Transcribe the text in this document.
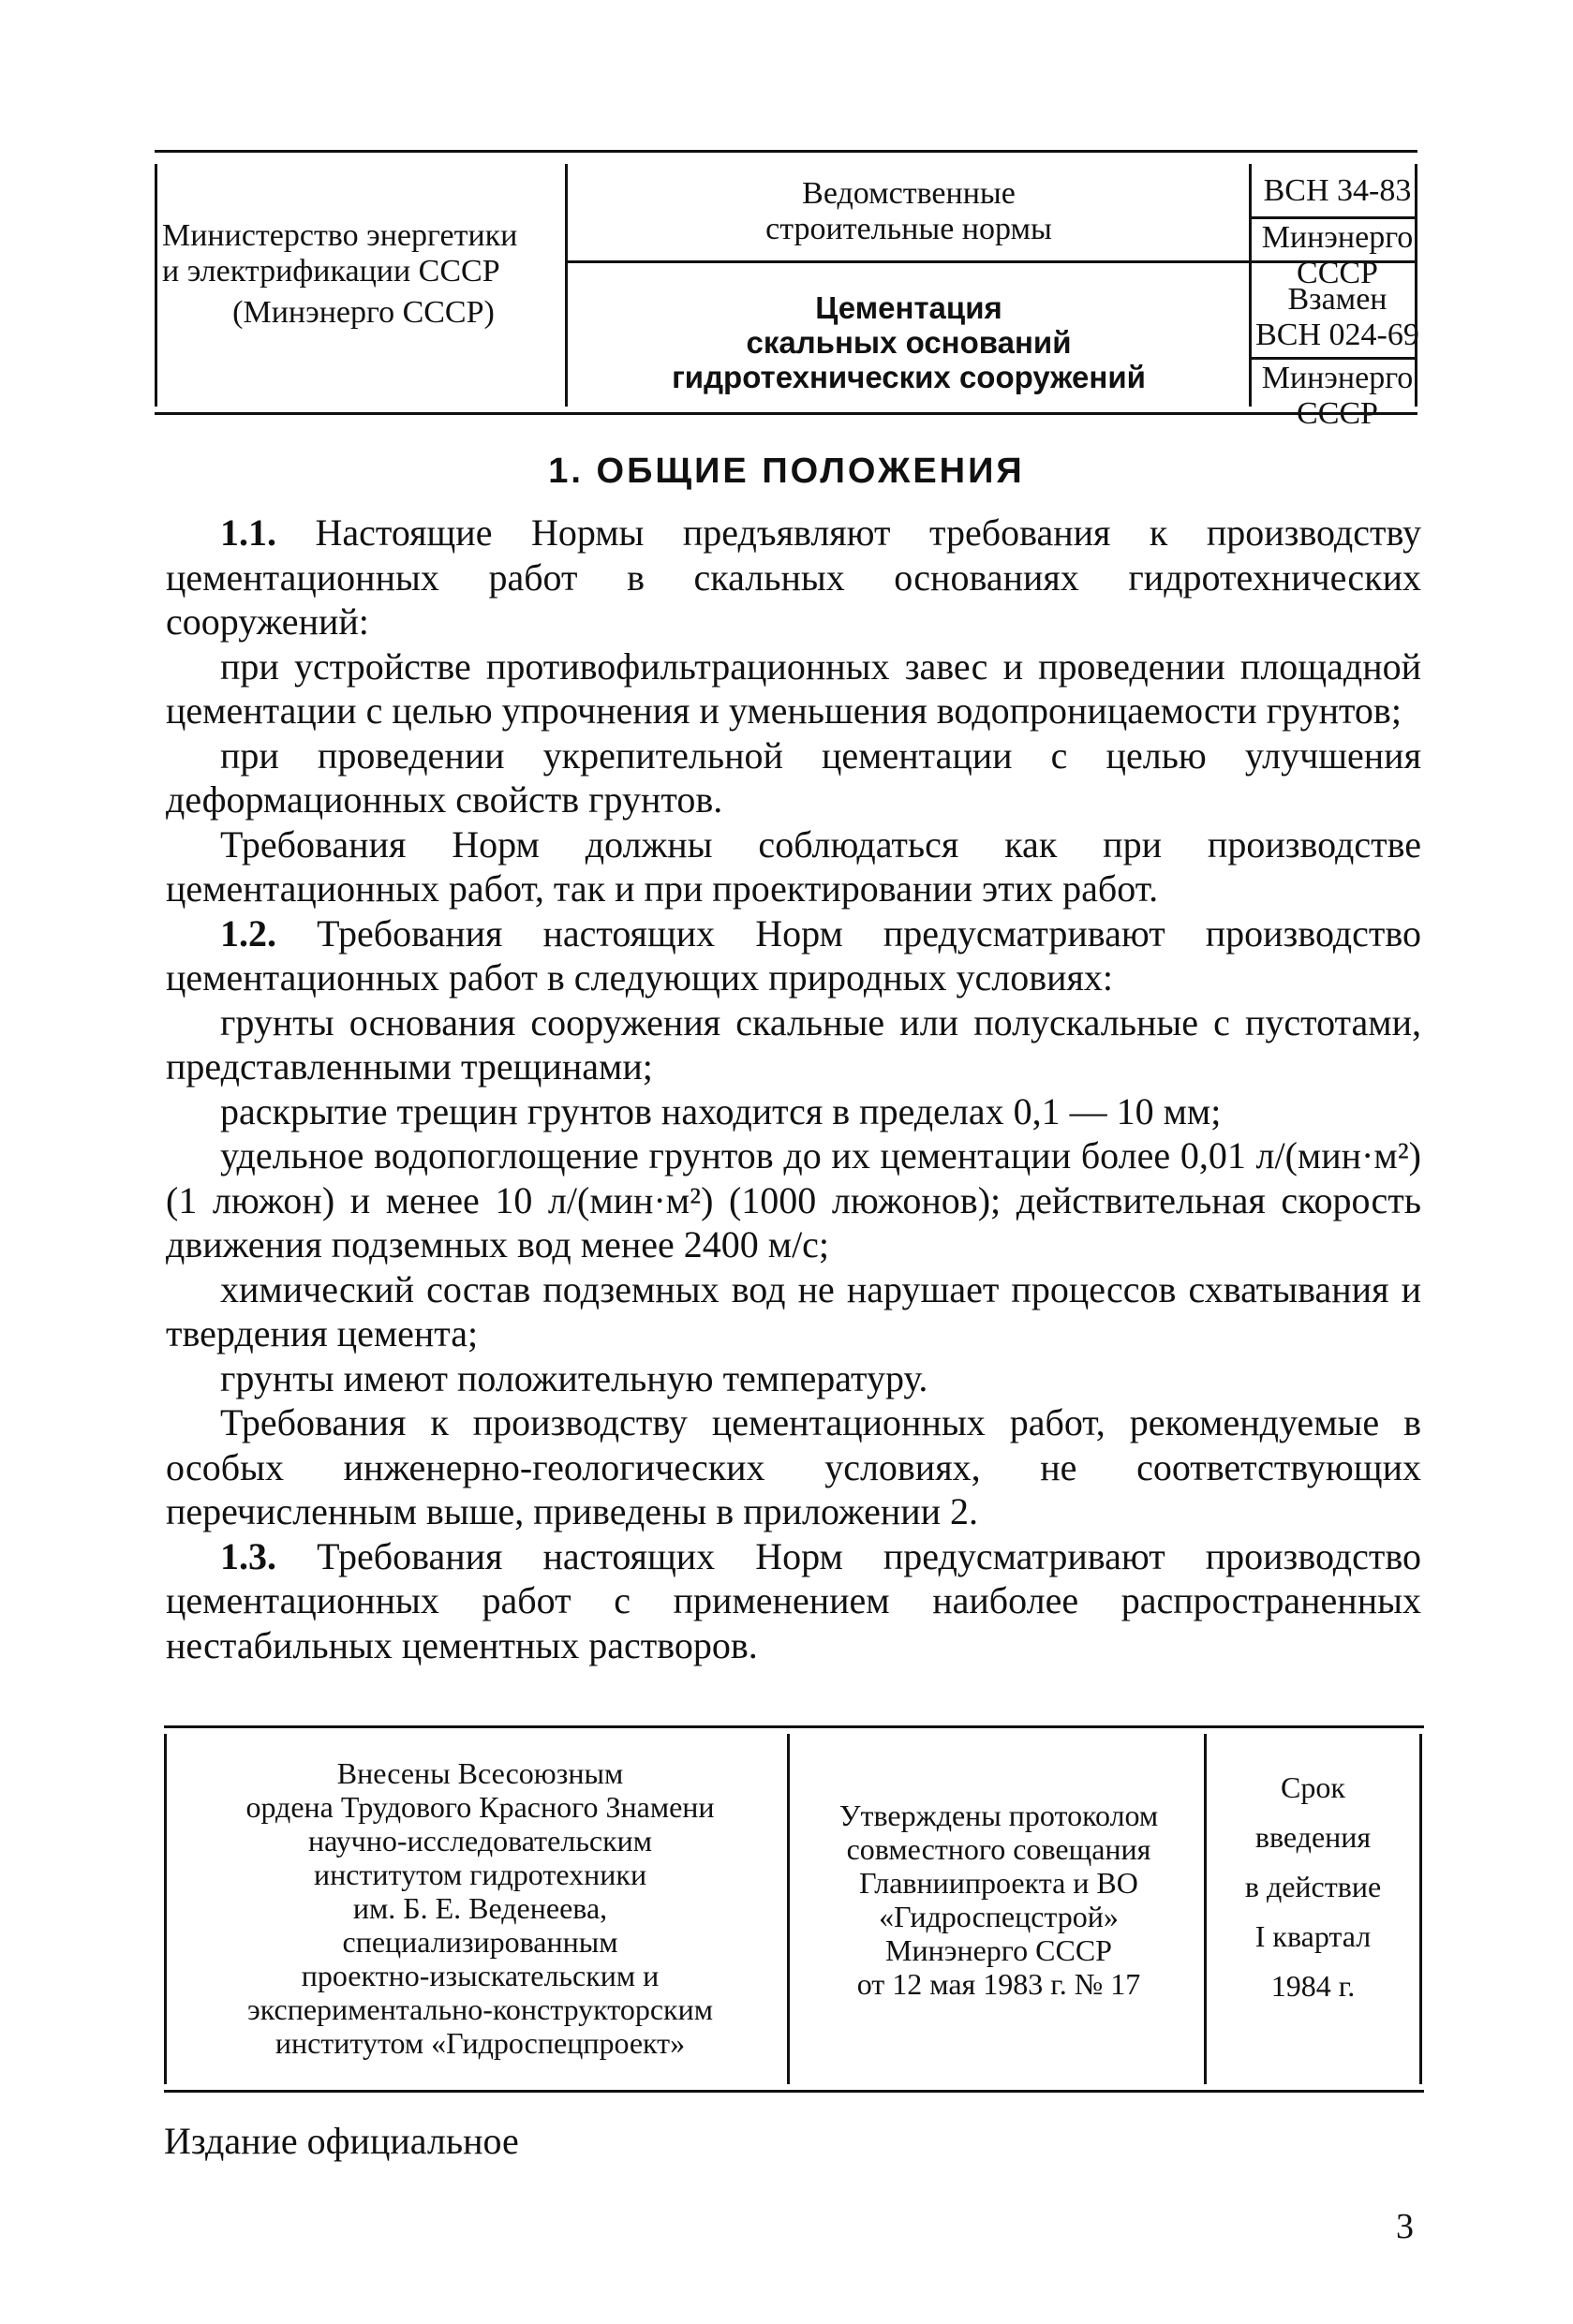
Министерство энергетики
и электрификации СССР
(Минэнерго СССР)
Ведомственные
строительные нормы
Цементация
скальных оснований
гидротехнических сооружений
ВСН 34-83
Минэнерго СССР
Взамен
ВСН 024-69
Минэнерго СССР
1. ОБЩИЕ ПОЛОЖЕНИЯ

1.1. Настоящие Нормы предъявляют требования к производству цементационных работ в скальных основаниях гидротехнических сооружений:

при устройстве противофильтрационных завес и проведении площадной цементации с целью упрочнения и уменьшения водопроницаемости грунтов;

при проведении укрепительной цементации с целью улучшения деформационных свойств грунтов.

Требования Норм должны соблюдаться как при производстве цементационных работ, так и при проектировании этих работ.

1.2. Требования настоящих Норм предусматривают производство цементационных работ в следующих природных условиях:

грунты основания сооружения скальные или полускальные с пустотами, представленными трещинами;

раскрытие трещин грунтов находится в пределах 0,1 — 10 мм;

удельное водопоглощение грунтов до их цементации более 0,01 л/(мин·м²) (1 люжон) и менее 10 л/(мин·м²) (1000 люжонов); действительная скорость движения подземных вод менее 2400 м/с;

химический состав подземных вод не нарушает процессов схватывания и твердения цемента;

грунты имеют положительную температуру.

Требования к производству цементационных работ, рекомендуемые в особых инженерно-геологических условиях, не соответствующих перечисленным выше, приведены в приложении 2.

1.3. Требования настоящих Норм предусматривают производство цементационных работ с применением наиболее распространенных нестабильных цементных растворов.

Внесены Всесоюзным
ордена Трудового Красного Знамени
научно-исследовательским
институтом гидротехники
им. Б. Е. Веденеева,
специализированным
проектно-изыскательским и
экспериментально-конструкторским
институтом «Гидроспецпроект»
Утверждены протоколом
совместного совещания
Главниипроекта и ВО
«Гидроспецстрой»
Минэнерго СССР
от 12 мая 1983 г. № 17
Срок
введения
в действие
I квартал
1984 г.
Издание официальное
3
